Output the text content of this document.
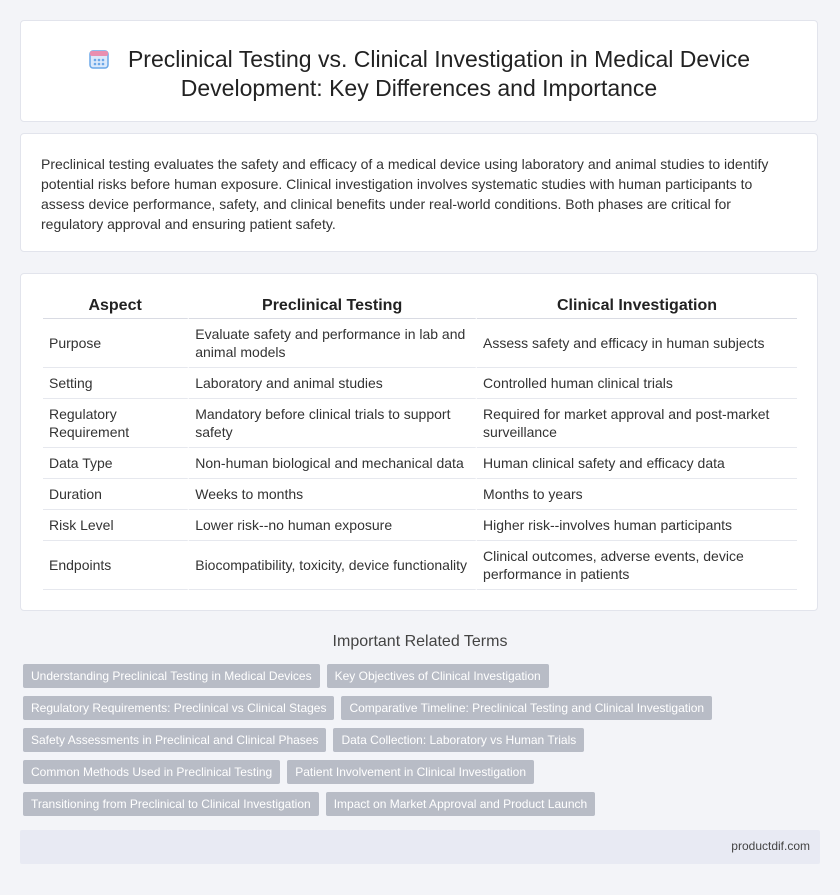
Preclinical Testing vs. Clinical Investigation in Medical Device Development: Key Differences and Importance

Preclinical testing evaluates the safety and efficacy of a medical device using laboratory and animal studies to identify potential risks before human exposure. Clinical investigation involves systematic studies with human participants to assess device performance, safety, and clinical benefits under real-world conditions. Both phases are critical for regulatory approval and ensuring patient safety.

Aspect	Preclinical Testing	Clinical Investigation
Purpose	Evaluate safety and performance in lab and animal models	Assess safety and efficacy in human subjects
Setting	Laboratory and animal studies	Controlled human clinical trials
Regulatory Requirement	Mandatory before clinical trials to support safety	Required for market approval and post-market surveillance
Data Type	Non-human biological and mechanical data	Human clinical safety and efficacy data
Duration	Weeks to months	Months to years
Risk Level	Lower risk--no human exposure	Higher risk--involves human participants
Endpoints	Biocompatibility, toxicity, device functionality	Clinical outcomes, adverse events, device performance in patients
Important Related Terms
Understanding Preclinical Testing in Medical Devices	Key Objectives of Clinical Investigation
Regulatory Requirements: Preclinical vs Clinical Stages	Comparative Timeline: Preclinical Testing and Clinical Investigation
Safety Assessments in Preclinical and Clinical Phases	Data Collection: Laboratory vs Human Trials
Common Methods Used in Preclinical Testing	Patient Involvement in Clinical Investigation
Transitioning from Preclinical to Clinical Investigation	Impact on Market Approval and Product Launch
productdif.com
